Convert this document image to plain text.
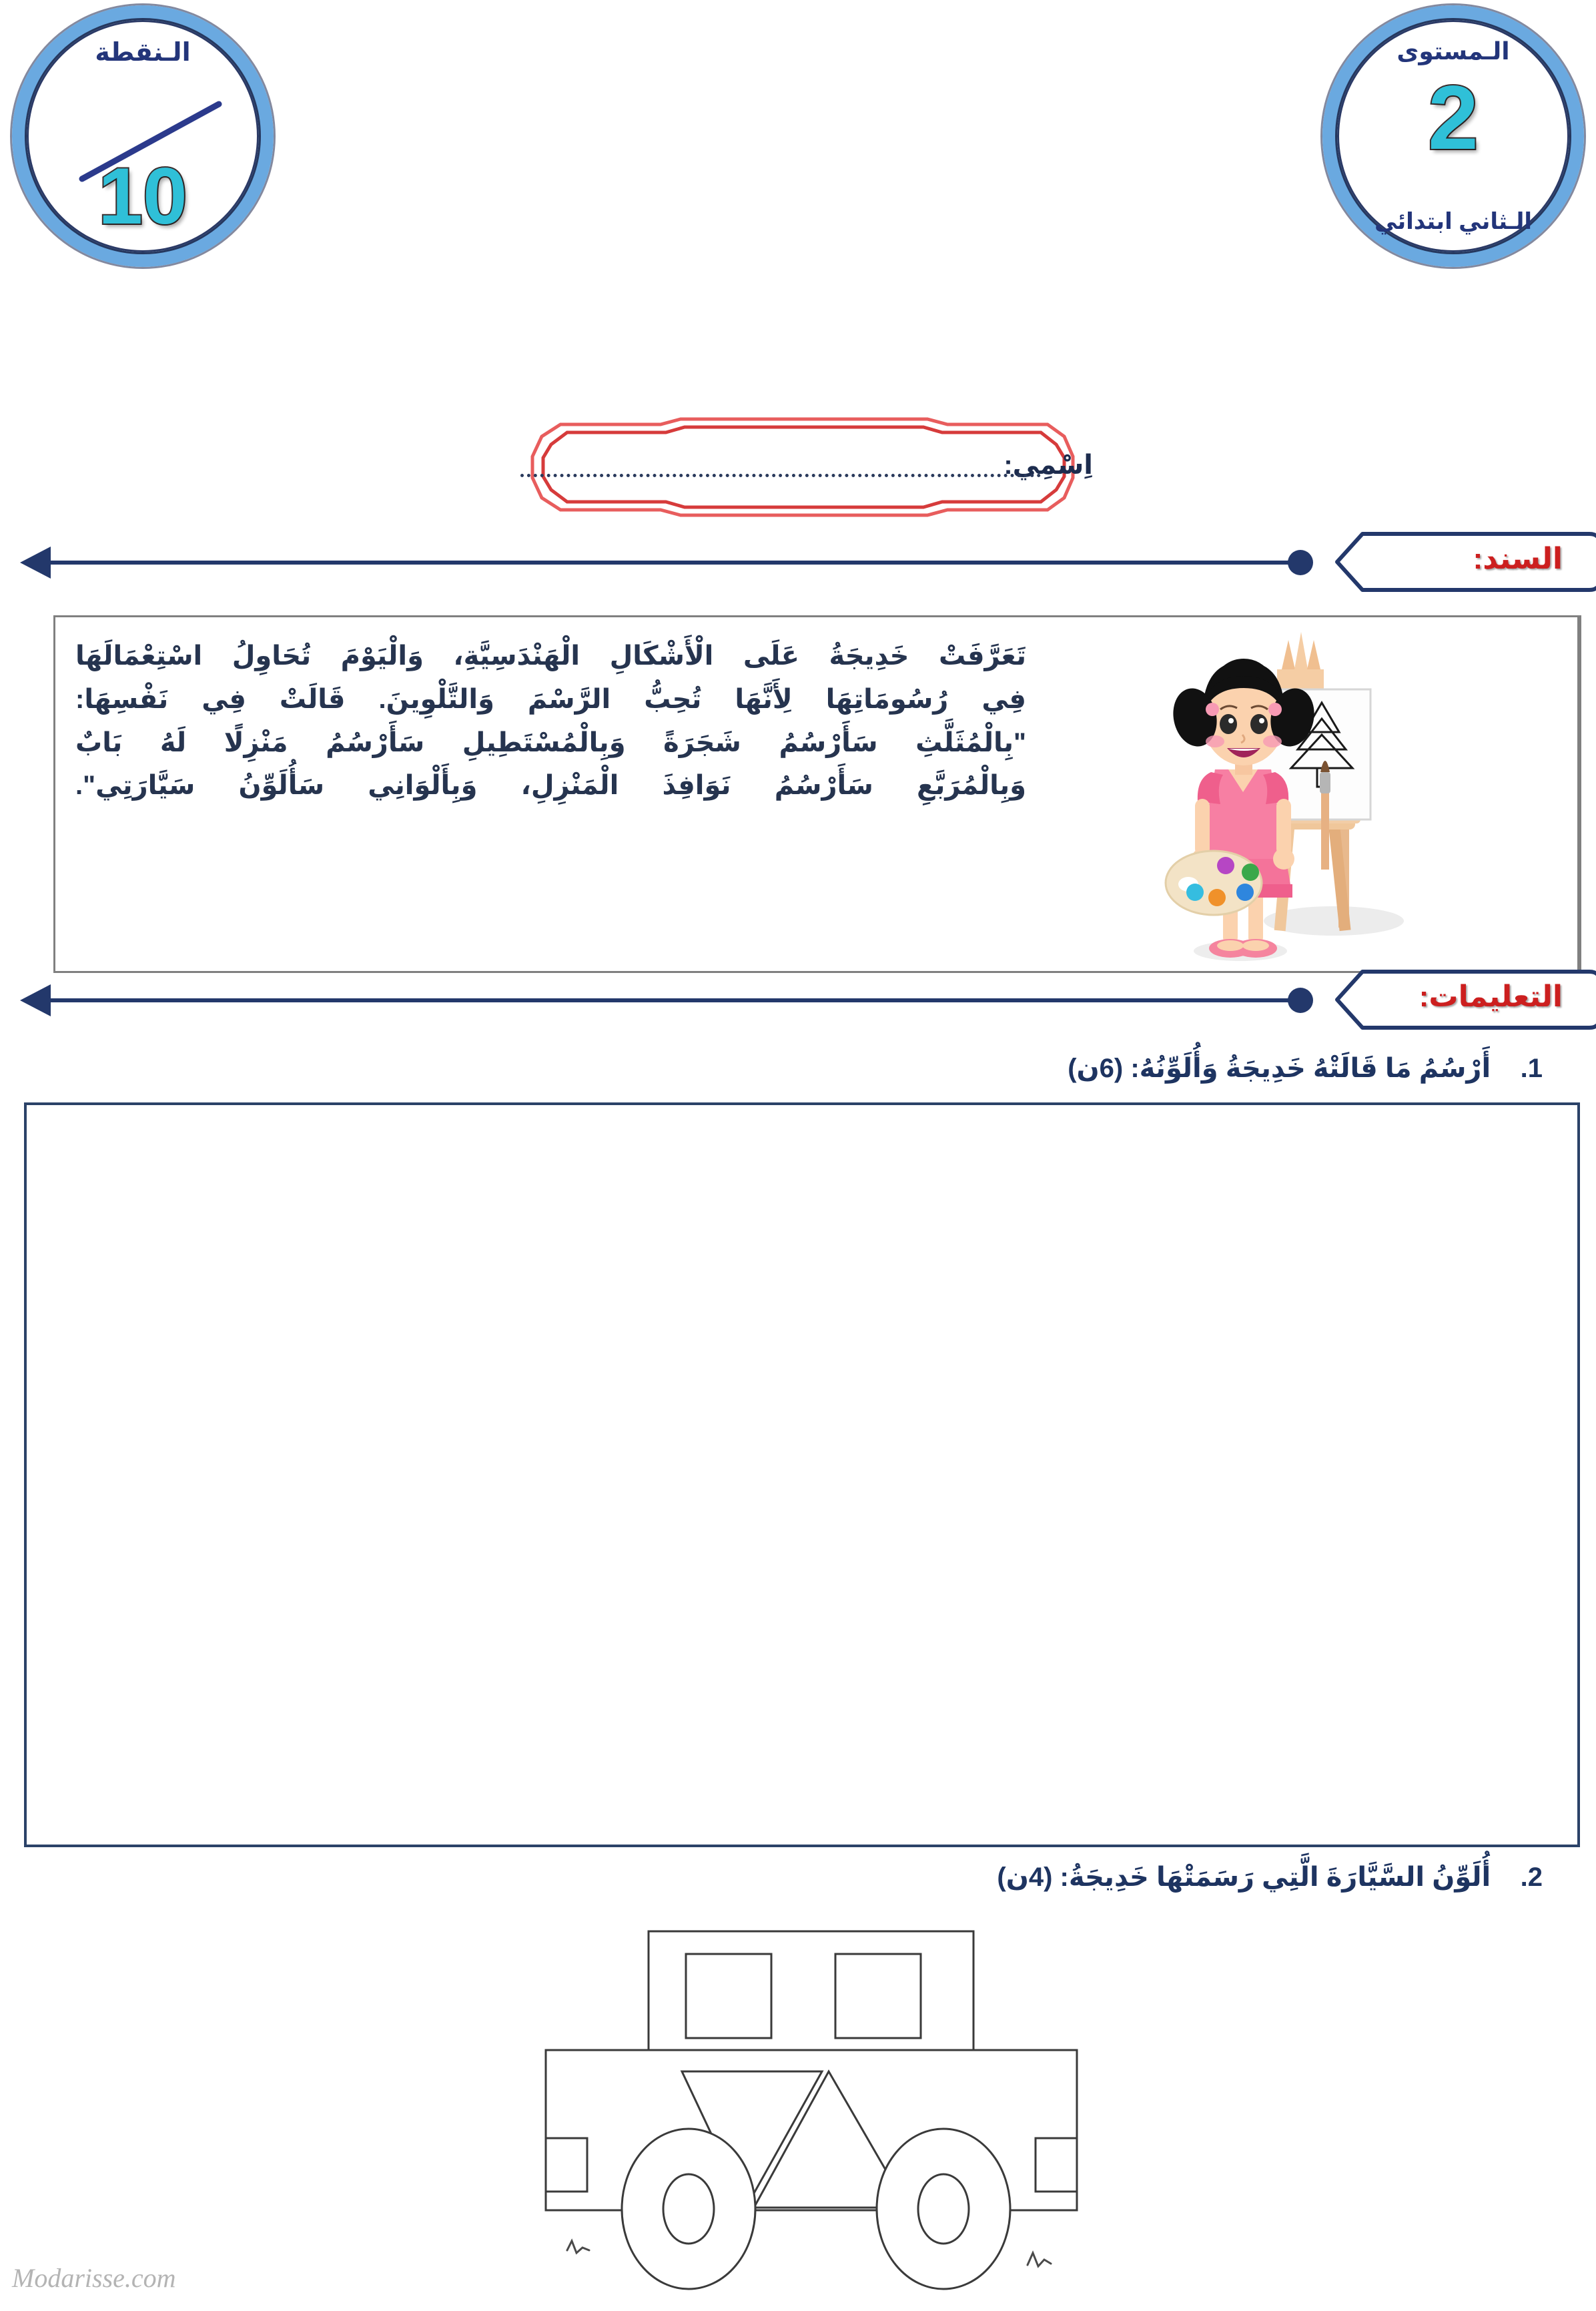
الـنقطة
10
الـمستوى
2
الـثاني ابتدائي
اِسْمِي:
السند:
تَعَرَّفَتْ خَدِيجَةُ عَلَى الْأَشْكَالِ الْهَنْدَسِيَّةِ، وَالْيَوْمَ تُحَاوِلُ اسْتِعْمَالَهَا
فِي رُسُومَاتِهَا لِأَنَّهَا تُحِبُّ الرَّسْمَ وَالتَّلْوِينَ. قَالَتْ فِي نَفْسِهَا:
"بِالْمُثَلَّثِ سَأَرْسُمُ شَجَرَةً وَبِالْمُسْتَطِيلِ سَأَرْسُمُ مَنْزِلًا لَهُ بَابٌ
وَبِالْمُرَبَّعِ سَأَرْسُمُ نَوَافِذَ الْمَنْزِلِ، وَبِأَلْوَانِي سَأُلَوِّنُ سَيَّارَتِي".
التعليمات:
1.    أَرْسُمُ مَا قَالَتْهُ خَدِيجَةُ وَأُلَوِّنُهُ: (6ن)
2.    أُلَوِّنُ السَّيَّارَةَ الَّتِي رَسَمَتْهَا خَدِيجَةُ: (4ن)
Modarisse.com
